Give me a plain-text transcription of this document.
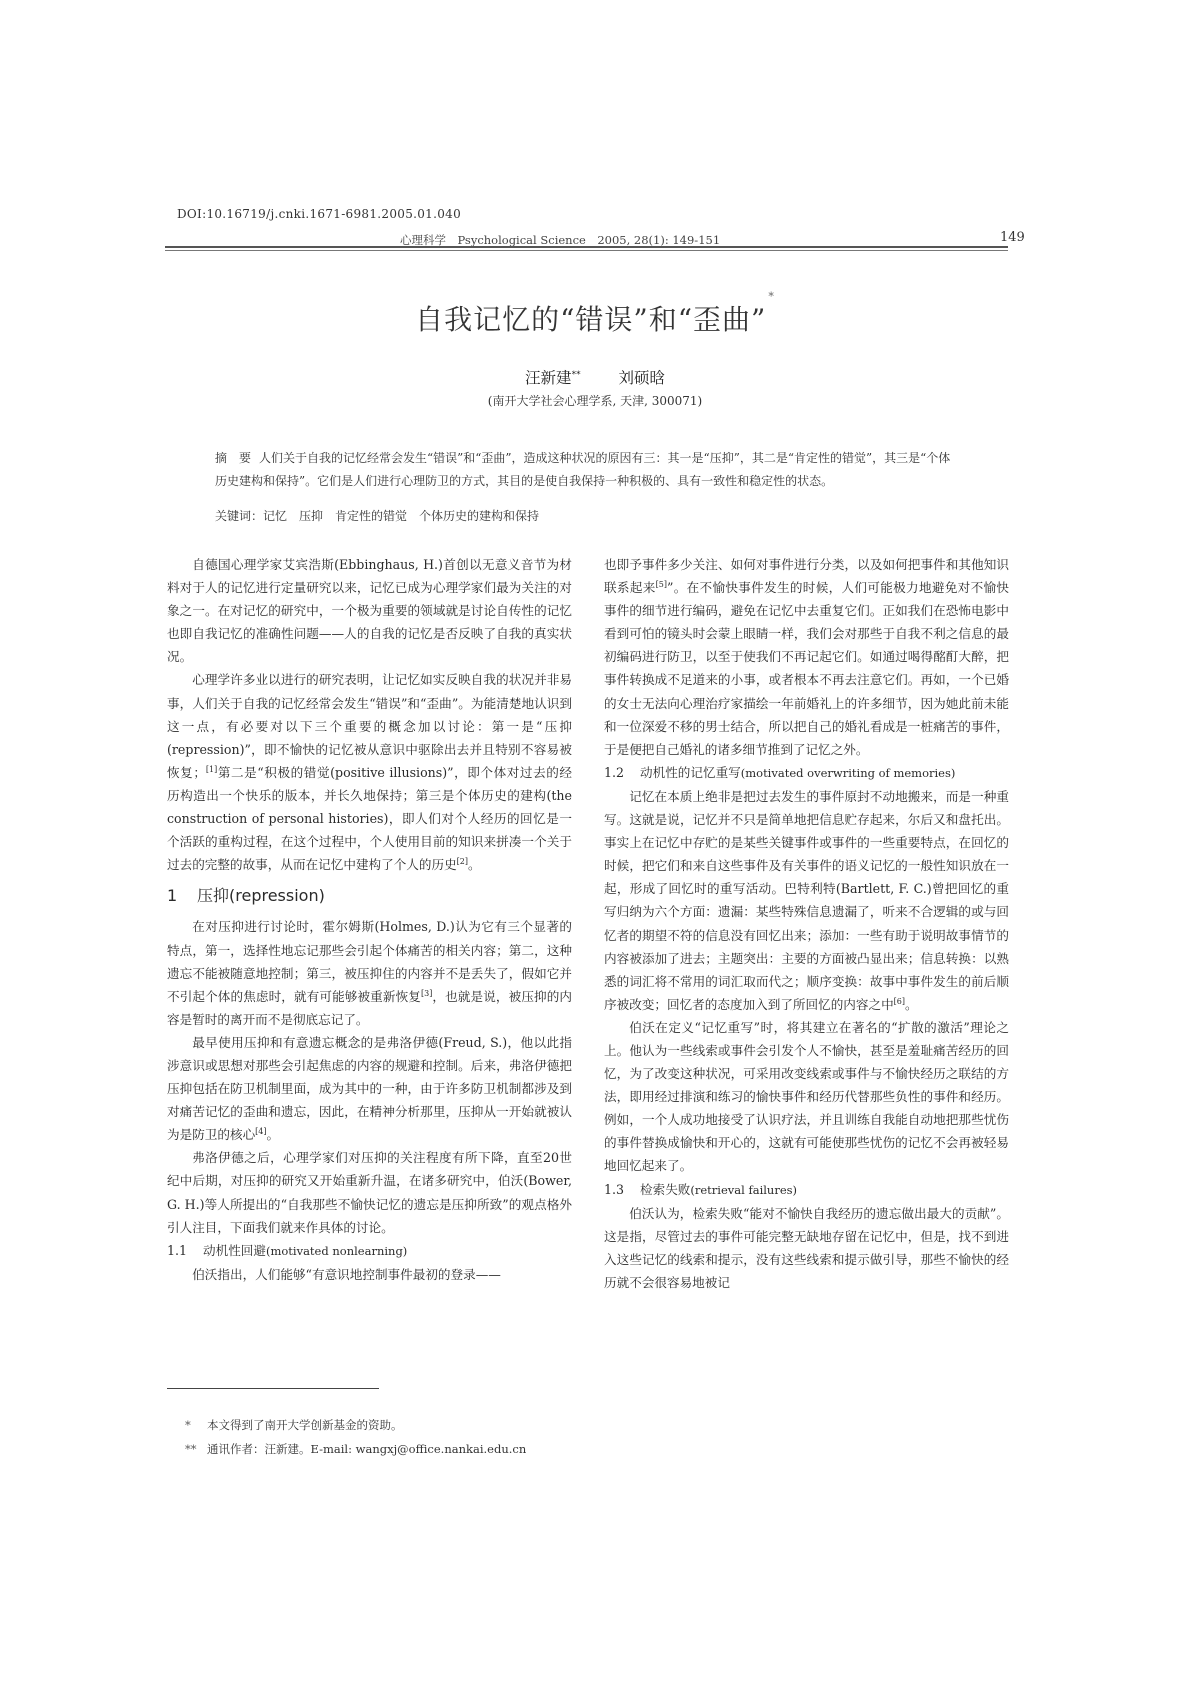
DOI:10.16719/j.cnki.1671-6981.2005.01.040
心理科学　Psychological Science　2005, 28(1): 149-151	149
自我记忆的“错误”和“歪曲”*
汪新建** 刘硕晗
(南开大学社会心理学系, 天津, 300071)
摘　要 人们关于自我的记忆经常会发生“错误”和“歪曲”，造成这种状况的原因有三：其一是“压抑”，其二是“肯定性的错觉”，其三是“个体历史建构和保持”。它们是人们进行心理防卫的方式，其目的是使自我保持一种积极的、具有一致性和稳定性的状态。
关键词：记忆　压抑　肯定性的错觉　个体历史的建构和保持

自德国心理学家艾宾浩斯(Ebbinghaus, H.)首创以无意义音节为材料对于人的记忆进行定量研究以来，记忆已成为心理学家们最为关注的对象之一。在对记忆的研究中，一个极为重要的领域就是讨论自传性的记忆也即自我记忆的准确性问题——人的自我的记忆是否反映了自我的真实状况。

心理学许多业以进行的研究表明，让记忆如实反映自我的状况并非易事，人们关于自我的记忆经常会发生“错误”和“歪曲”。为能清楚地认识到这一点，有必要对以下三个重要的概念加以讨论：第一是“压抑(repression)”，即不愉快的记忆被从意识中驱除出去并且特别不容易被恢复；[1]第二是“积极的错觉(positive illusions)”，即个体对过去的经历构造出一个快乐的版本，并长久地保持；第三是个体历史的建构(the construction of personal histories)，即人们对个人经历的回忆是一个活跃的重构过程，在这个过程中，个人使用目前的知识来拼凑一个关于过去的完整的故事，从而在记忆中建构了个人的历史[2]。

1 压抑(repression)

在对压抑进行讨论时，霍尔姆斯(Holmes, D.)认为它有三个显著的特点，第一，选择性地忘记那些会引起个体痛苦的相关内容；第二，这种遗忘不能被随意地控制；第三，被压抑住的内容并不是丢失了，假如它并不引起个体的焦虑时，就有可能够被重新恢复[3]，也就是说，被压抑的内容是暂时的离开而不是彻底忘记了。

最早使用压抑和有意遗忘概念的是弗洛伊德(Freud, S.)，他以此指涉意识或思想对那些会引起焦虑的内容的规避和控制。后来，弗洛伊德把压抑包括在防卫机制里面，成为其中的一种，由于许多防卫机制都涉及到对痛苦记忆的歪曲和遗忘，因此，在精神分析那里，压抑从一开始就被认为是防卫的核心[4]。

弗洛伊德之后，心理学家们对压抑的关注程度有所下降，直至20世纪中后期，对压抑的研究又开始重新升温，在诸多研究中，伯沃(Bower, G. H.)等人所提出的“自我那些不愉快记忆的遗忘是压抑所致”的观点格外引人注目，下面我们就来作具体的讨论。

1.1 动机性回避(motivated nonlearning)

伯沃指出，人们能够“有意识地控制事件最初的登录——

也即予事件多少关注、如何对事件进行分类，以及如何把事件和其他知识联系起来[5]”。在不愉快事件发生的时候，人们可能极力地避免对不愉快事件的细节进行编码，避免在记忆中去重复它们。正如我们在恐怖电影中看到可怕的镜头时会蒙上眼睛一样，我们会对那些于自我不利之信息的最初编码进行防卫，以至于使我们不再记起它们。如通过喝得酩酊大醉，把事件转换成不足道来的小事，或者根本不再去注意它们。再如，一个已婚的女士无法向心理治疗家描绘一年前婚礼上的许多细节，因为她此前未能和一位深爱不移的男士结合，所以把自己的婚礼看成是一桩痛苦的事件，于是便把自己婚礼的诸多细节推到了记忆之外。

1.2 动机性的记忆重写(motivated overwriting of memories)

记忆在本质上绝非是把过去发生的事件原封不动地搬来，而是一种重写。这就是说，记忆并不只是简单地把信息贮存起来，尔后又和盘托出。事实上在记忆中存贮的是某些关键事件或事件的一些重要特点，在回忆的时候，把它们和来自这些事件及有关事件的语义记忆的一般性知识放在一起，形成了回忆时的重写活动。巴特利特(Bartlett, F. C.)曾把回忆的重写归纳为六个方面：遗漏：某些特殊信息遗漏了，听来不合逻辑的或与回忆者的期望不符的信息没有回忆出来；添加：一些有助于说明故事情节的内容被添加了进去；主题突出：主要的方面被凸显出来；信息转换：以熟悉的词汇将不常用的词汇取而代之；顺序变换：故事中事件发生的前后顺序被改变；回忆者的态度加入到了所回忆的内容之中[6]。

伯沃在定义“记忆重写”时，将其建立在著名的“扩散的激活”理论之上。他认为一些线索或事件会引发个人不愉快，甚至是羞耻痛苦经历的回忆，为了改变这种状况，可采用改变线索或事件与不愉快经历之联结的方法，即用经过排演和练习的愉快事件和经历代替那些负性的事件和经历。例如，一个人成功地接受了认识疗法，并且训练自我能自动地把那些忧伤的事件替换成愉快和开心的，这就有可能使那些忧伤的记忆不会再被轻易地回忆起来了。

1.3 检索失败(retrieval failures)

伯沃认为，检索失败“能对不愉快自我经历的遗忘做出最大的贡献”。这是指，尽管过去的事件可能完整无缺地存留在记忆中，但是，找不到进入这些记忆的线索和提示，没有这些线索和提示做引导，那些不愉快的经历就不会很容易地被记

* 本文得到了南开大学创新基金的资助。
** 通讯作者：汪新建。E-mail: wangxj@office.nankai.edu.cn
